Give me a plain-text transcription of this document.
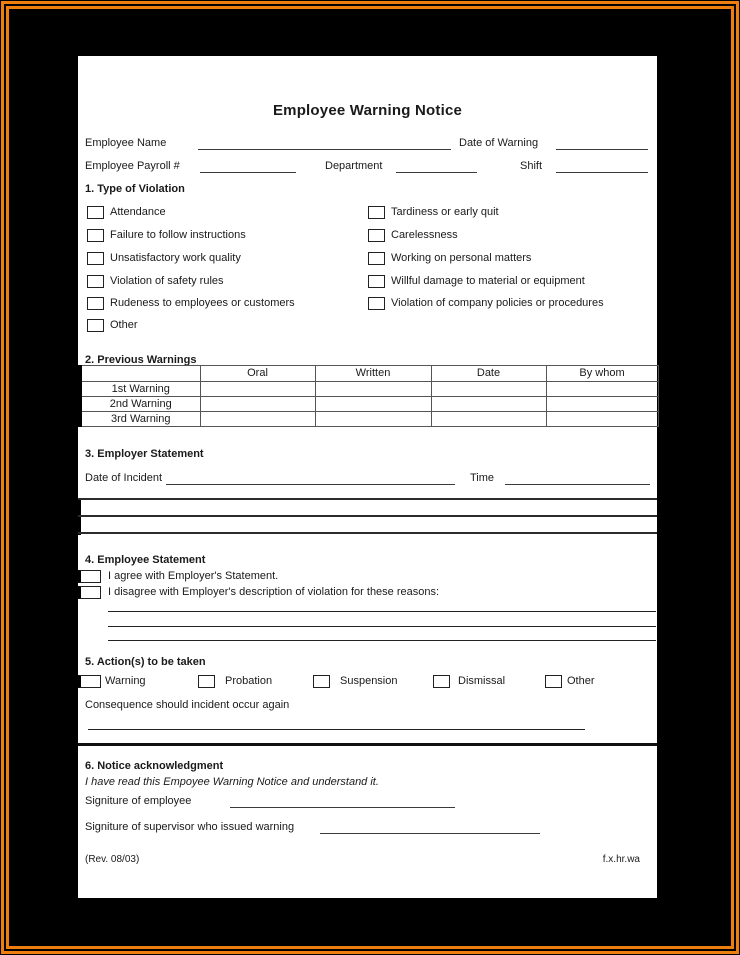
Employee Warning Notice
Employee Name	Date of Warning
Employee Payroll #	Department	Shift
1. Type of Violation
Attendance	Tardiness or early quit
Failure to follow instructions	Carelessness
Unsatisfactory work quality	Working on personal matters
Violation of safety rules	Willful damage to material or equipment
Rudeness to employees or customers	Violation of company policies or procedures
Other
2. Previous Warnings
	Oral	Written	Date	By whom
1st Warning				
2nd Warning				
3rd Warning				
3. Employer Statement
Date of Incident	Time
4. Employee Statement
I agree with Employer's Statement.
I disagree with Employer's description of violation for these reasons:
5. Action(s) to be taken
Warning	Probation	Suspension	Dismissal	Other
Consequence should incident occur again
6. Notice acknowledgment
I have read this Empoyee Warning Notice and understand it.
Signiture of employee
Signiture of supervisor who issued warning
(Rev. 08/03)	f.x.hr.wa
